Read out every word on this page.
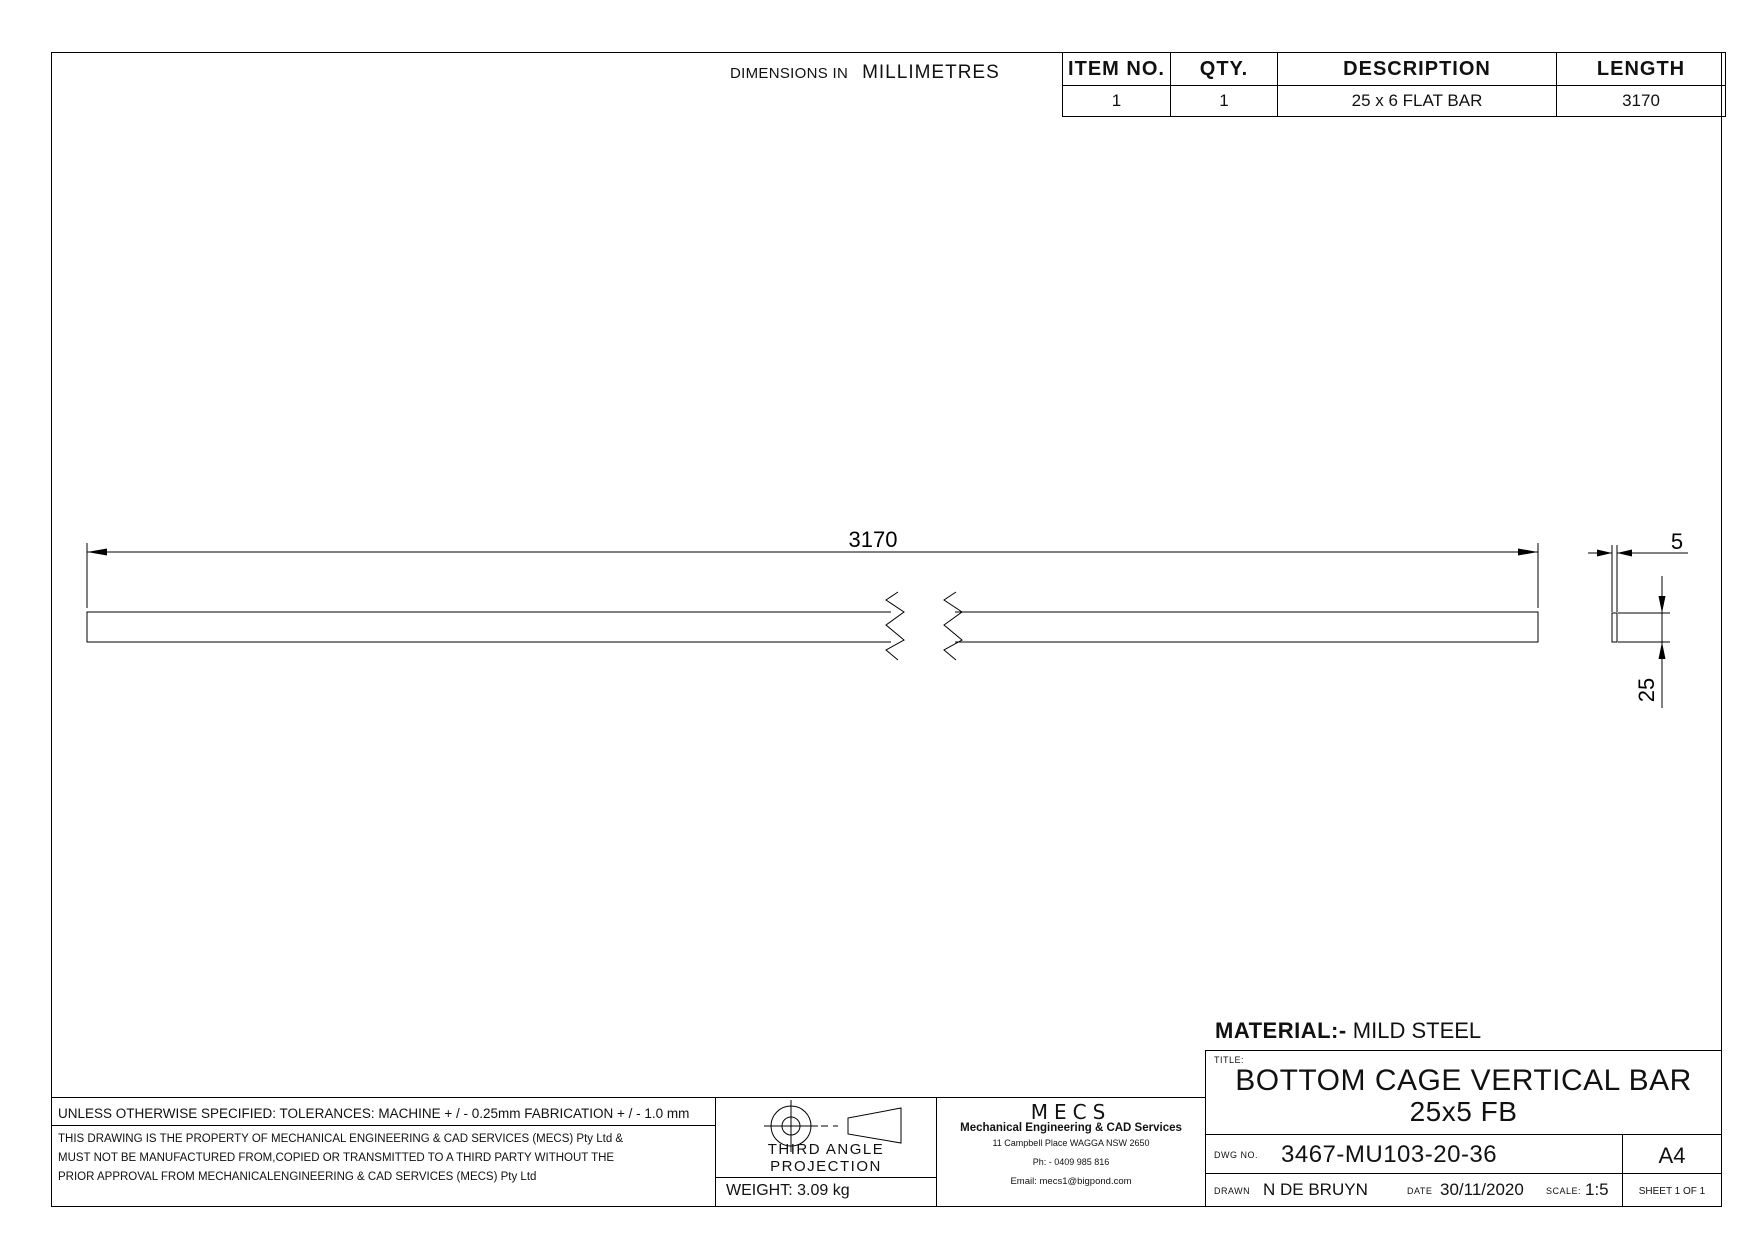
DIMENSIONS IN MILLIMETRES	ITEM NO.	QTY.	DESCRIPTION	LENGTH
1	1	25 x 6 FLAT BAR	3170
3170	5
25
MATERIAL:- MILD STEEL
UNLESS OTHERWISE SPECIFIED: TOLERANCES: MACHINE + / - 0.25mm FABRICATION + / - 1.0 mm
THIS DRAWING IS THE PROPERTY OF MECHANICAL ENGINEERING & CAD SERVICES (MECS) Pty Ltd &
MUST NOT BE MANUFACTURED FROM,COPIED OR TRANSMITTED TO A THIRD PARTY WITHOUT THE
PRIOR APPROVAL FROM MECHANICALENGINEERING & CAD SERVICES (MECS) Pty Ltd
THIRD ANGLE PROJECTION
WEIGHT: 3.09 kg
MECS
Mechanical Engineering & CAD Services
11 Campbell Place WAGGA NSW 2650
Ph: - 0409 985 816
Email: mecs1@bigpond.com
TITLE:
BOTTOM CAGE VERTICAL BAR
25x5 FB
DWG NO. 3467-MU103-20-36	A4
DRAWN N DE BRUYN	DATE 30/11/2020 SCALE: 1:5	SHEET 1 OF 1
